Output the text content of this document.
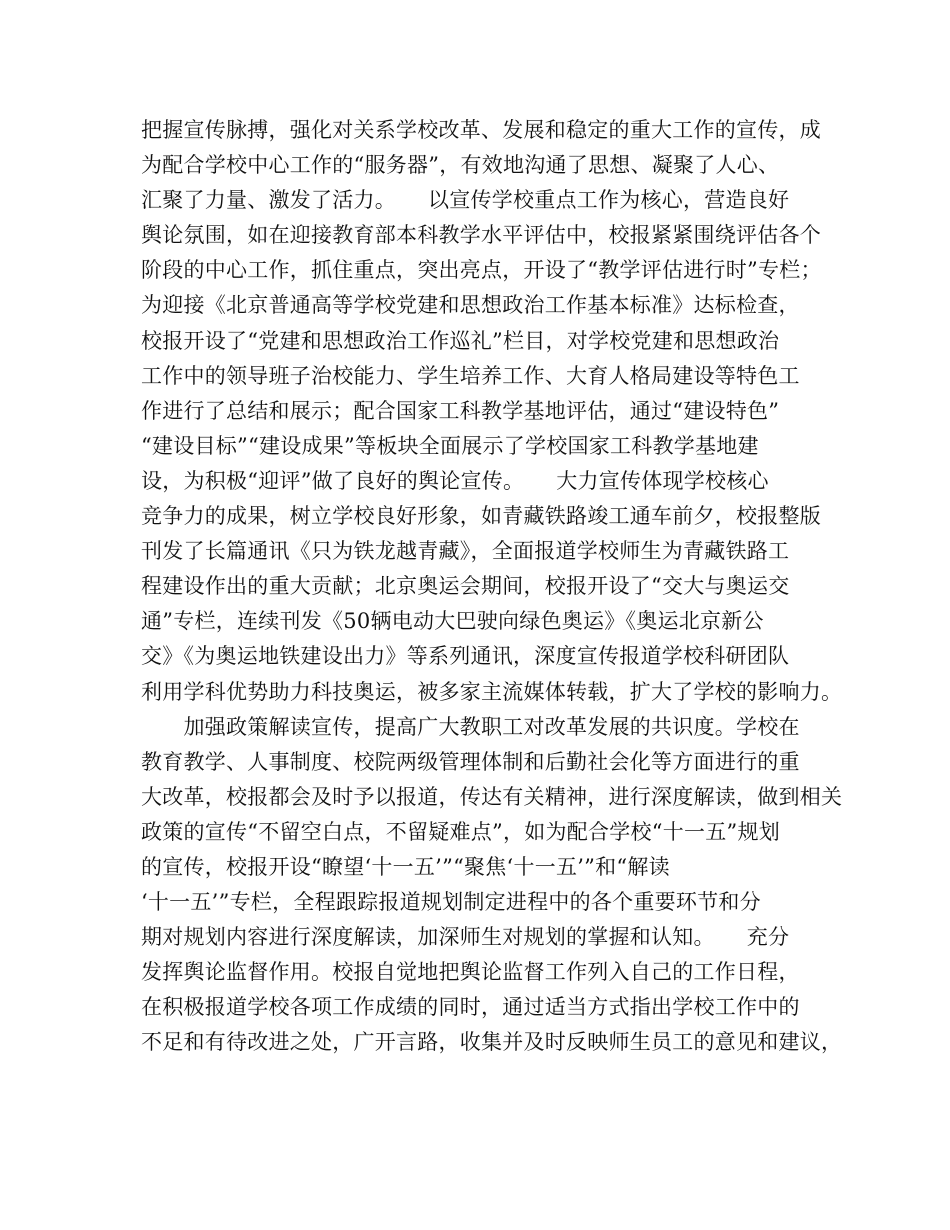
把握宣传脉搏，强化对关系学校改革、发展和稳定的重大工作的宣传，成
为配合学校中心工作的“服务器”，有效地沟通了思想、凝聚了人心、
汇聚了力量、激发了活力。　　以宣传学校重点工作为核心，营造良好
舆论氛围，如在迎接教育部本科教学水平评估中，校报紧紧围绕评估各个
阶段的中心工作，抓住重点，突出亮点，开设了“教学评估进行时”专栏；
为迎接《北京普通高等学校党建和思想政治工作基本标准》达标检查，
校报开设了“党建和思想政治工作巡礼”栏目，对学校党建和思想政治
工作中的领导班子治校能力、学生培养工作、大育人格局建设等特色工
作进行了总结和展示；配合国家工科教学基地评估，通过“建设特色”
“建设目标”“建设成果”等板块全面展示了学校国家工科教学基地建
设，为积极“迎评”做了良好的舆论宣传。　　大力宣传体现学校核心
竞争力的成果，树立学校良好形象，如青藏铁路竣工通车前夕，校报整版
刊发了长篇通讯《只为铁龙越青藏》，全面报道学校师生为青藏铁路工
程建设作出的重大贡献；北京奥运会期间，校报开设了“交大与奥运交
通”专栏，连续刊发《50辆电动大巴驶向绿色奥运》《奥运北京新公
交》《为奥运地铁建设出力》等系列通讯，深度宣传报道学校科研团队
利用学科优势助力科技奥运，被多家主流媒体转载，扩大了学校的影响力。
　　加强政策解读宣传，提高广大教职工对改革发展的共识度。学校在
教育教学、人事制度、校院两级管理体制和后勤社会化等方面进行的重
大改革，校报都会及时予以报道，传达有关精神，进行深度解读，做到相关
政策的宣传“不留空白点，不留疑难点”，如为配合学校“十一五”规划
的宣传，校报开设“瞭望‘十一五’”“聚焦‘十一五’”和“解读
‘十一五’”专栏，全程跟踪报道规划制定进程中的各个重要环节和分
期对规划内容进行深度解读，加深师生对规划的掌握和认知。　　充分
发挥舆论监督作用。校报自觉地把舆论监督工作列入自己的工作日程，
在积极报道学校各项工作成绩的同时，通过适当方式指出学校工作中的
不足和有待改进之处，广开言路，收集并及时反映师生员工的意见和建议，
